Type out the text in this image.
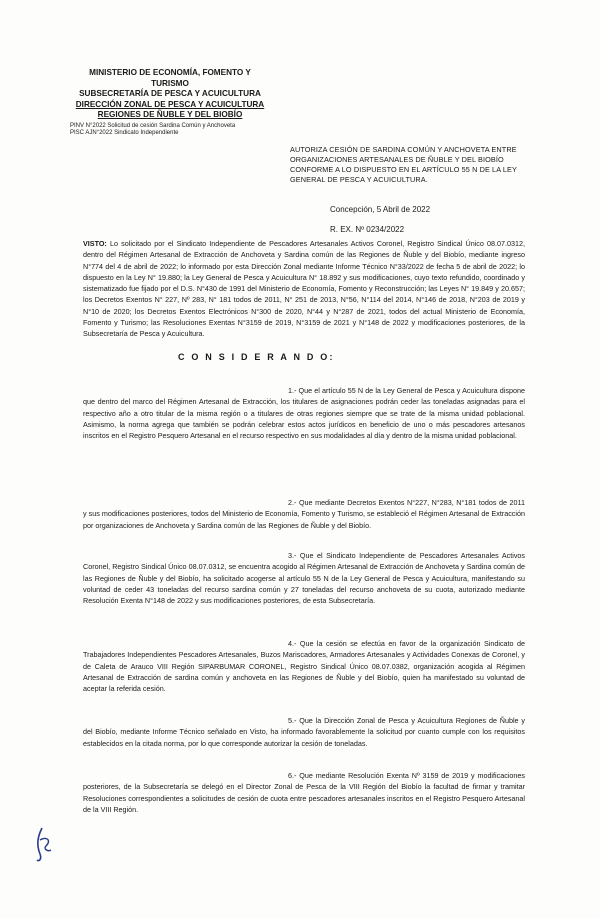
MINISTERIO DE ECONOMÍA, FOMENTO Y TURISMO
SUBSECRETARÍA DE PESCA Y ACUICULTURA
DIRECCIÓN ZONAL DE PESCA Y ACUICULTURA
REGIONES DE ÑUBLE Y DEL BIOBÍO
PINV N°2022 Solicitud de cesión Sardina Común y Anchoveta
PISC AJN°2022 Sindicato Independiente
AUTORIZA CESIÓN DE SARDINA COMÚN Y ANCHOVETA ENTRE ORGANIZACIONES ARTESANALES DE ÑUBLE Y DEL BIOBÍO CONFORME A LO DISPUESTO EN EL ARTÍCULO 55 N DE LA LEY GENERAL DE PESCA Y ACUICULTURA.
Concepción, 5 Abril de 2022
R. EX. Nº 0234/2022
VISTO: Lo solicitado por el Sindicato Independiente de Pescadores Artesanales Activos Coronel, Registro Sindical Único 08.07.0312, dentro del Régimen Artesanal de Extracción de Anchoveta y Sardina común de las Regiones de Ñuble y del Biobío, mediante ingreso N°774 del 4 de abril de 2022; lo informado por esta Dirección Zonal mediante Informe Técnico N°33/2022 de fecha 5 de abril de 2022; lo dispuesto en la Ley N° 19.880; la Ley General de Pesca y Acuicultura N° 18.892 y sus modificaciones, cuyo texto refundido, coordinado y sistematizado fue fijado por el D.S. N°430 de 1991 del Ministerio de Economía, Fomento y Reconstrucción; las Leyes N° 19.849 y 20.657; los Decretos Exentos N° 227, Nº 283, N° 181 todos de 2011, N° 251 de 2013, N°56, N°114 del 2014, N°146 de 2018, N°203 de 2019 y N°10 de 2020; los Decretos Exentos Electrónicos N°300 de 2020, N°44 y N°287 de 2021, todos del actual Ministerio de Economía, Fomento y Turismo; las Resoluciones Exentas N°3159 de 2019, N°3159 de 2021 y N°148 de 2022 y modificaciones posteriores, de la Subsecretaría de Pesca y Acuicultura.
C O N S I D E R A N D O:
1.- Que el artículo 55 N de la Ley General de Pesca y Acuicultura dispone que dentro del marco del Régimen Artesanal de Extracción, los titulares de asignaciones podrán ceder las toneladas asignadas para el respectivo año a otro titular de la misma región o a titulares de otras regiones siempre que se trate de la misma unidad poblacional. Asimismo, la norma agrega que también se podrán celebrar estos actos jurídicos en beneficio de uno o más pescadores artesanos inscritos en el Registro Pesquero Artesanal en el recurso respectivo en sus modalidades al día y dentro de la misma unidad poblacional.
2.- Que mediante Decretos Exentos N°227, N°283, N°181 todos de 2011 y sus modificaciones posteriores, todos del Ministerio de Economía, Fomento y Turismo, se estableció el Régimen Artesanal de Extracción por organizaciones de Anchoveta y Sardina común de las Regiones de Ñuble y del Biobío.
3.- Que el Sindicato Independiente de Pescadores Artesanales Activos Coronel, Registro Sindical Único 08.07.0312, se encuentra acogido al Régimen Artesanal de Extracción de Anchoveta y Sardina común de las Regiones de Ñuble y del Biobío, ha solicitado acogerse al artículo 55 N de la Ley General de Pesca y Acuicultura, manifestando su voluntad de ceder 43 toneladas del recurso sardina común y 27 toneladas del recurso anchoveta de su cuota, autorizado mediante Resolución Exenta N°148 de 2022 y sus modificaciones posteriores, de esta Subsecretaría.
4.- Que la cesión se efectúa en favor de la organización Sindicato de Trabajadores Independientes Pescadores Artesanales, Buzos Mariscadores, Armadores Artesanales y Actividades Conexas de Coronel, y de Caleta de Arauco VIII Región SIPARBUMAR CORONEL, Registro Sindical Único 08.07.0382, organización acogida al Régimen Artesanal de Extracción de sardina común y anchoveta en las Regiones de Ñuble y del Biobío, quien ha manifestado su voluntad de aceptar la referida cesión.
5.- Que la Dirección Zonal de Pesca y Acuicultura Regiones de Ñuble y del Biobío, mediante Informe Técnico señalado en Visto, ha informado favorablemente la solicitud por cuanto cumple con los requisitos establecidos en la citada norma, por lo que corresponde autorizar la cesión de toneladas.
6.- Que mediante Resolución Exenta Nº 3159 de 2019 y modificaciones posteriores, de la Subsecretaría se delegó en el Director Zonal de Pesca de la VIII Región del Biobío la facultad de firmar y tramitar Resoluciones correspondientes a solicitudes de cesión de cuota entre pescadores artesanales inscritos en el Registro Pesquero Artesanal de la VIII Región.
